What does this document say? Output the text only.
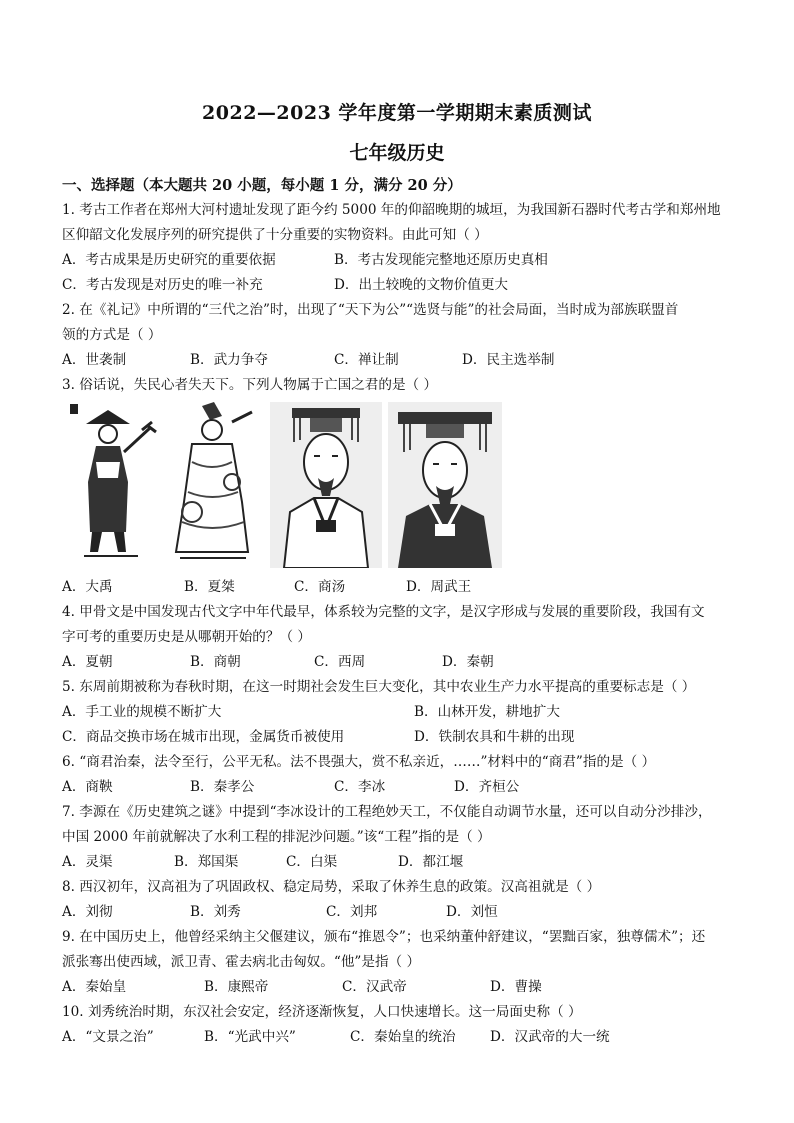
2022—2023 学年度第一学期期末素质测试
七年级历史
一、选择题（本大题共 20 小题，每小题 1 分，满分 20 分）
1. 考古工作者在郑州大河村遗址发现了距今约 5000 年的仰韶晚期的城垣，为我国新石器时代考古学和郑州地
区仰韶文化发展序列的研究提供了十分重要的实物资料。由此可知（ ）
A．考古成果是历史研究的重要依据	B．考古发现能完整地还原历史真相
C．考古发现是对历史的唯一补充	D．出土较晚的文物价值更大
2. 在《礼记》中所谓的“三代之治”时，出现了“天下为公”“选贤与能”的社会局面，当时成为部族联盟首
领的方式是（ ）
A．世袭制	B．武力争夺	C．禅让制	D．民主选举制
3. 俗话说，失民心者失天下。下列人物属于亡国之君的是（ ）
A．大禹	B．夏桀	C．商汤	D．周武王
4. 甲骨文是中国发现古代文字中年代最早，体系较为完整的文字，是汉字形成与发展的重要阶段，我国有文
字可考的重要历史是从哪朝开始的？（ ）
A．夏朝	B．商朝	C．西周	D．秦朝
5. 东周前期被称为春秋时期，在这一时期社会发生巨大变化，其中农业生产力水平提高的重要标志是（ ）
A．手工业的规模不断扩大	B．山林开发，耕地扩大
C．商品交换市场在城市出现，金属货币被使用	D．铁制农具和牛耕的出现
6. “商君治秦，法令至行，公平无私。法不畏强大，赏不私亲近，……”材料中的“商君”指的是（ ）
A．商鞅	B．秦孝公	C．李冰	D．齐桓公
7. 李源在《历史建筑之谜》中提到“李冰设计的工程绝妙天工，不仅能自动调节水量，还可以自动分沙排沙，
中国 2000 年前就解决了水利工程的排泥沙问题。”该“工程”指的是（ ）
A．灵渠	B．郑国渠	C．白渠	D．都江堰
8. 西汉初年，汉高祖为了巩固政权、稳定局势，采取了休养生息的政策。汉高祖就是（ ）
A．刘彻	B．刘秀	C．刘邦	D．刘恒
9. 在中国历史上，他曾经采纳主父偃建议，颁布“推恩令”；也采纳董仲舒建议，“罢黜百家，独尊儒术”；还
派张骞出使西域，派卫青、霍去病北击匈奴。“他”是指（ ）
A．秦始皇	B．康熙帝	C．汉武帝	D．曹操
10. 刘秀统治时期，东汉社会安定，经济逐渐恢复，人口快速增长。这一局面史称（ ）
A．“文景之治”	B．“光武中兴”	C．秦始皇的统治	D．汉武帝的大一统
